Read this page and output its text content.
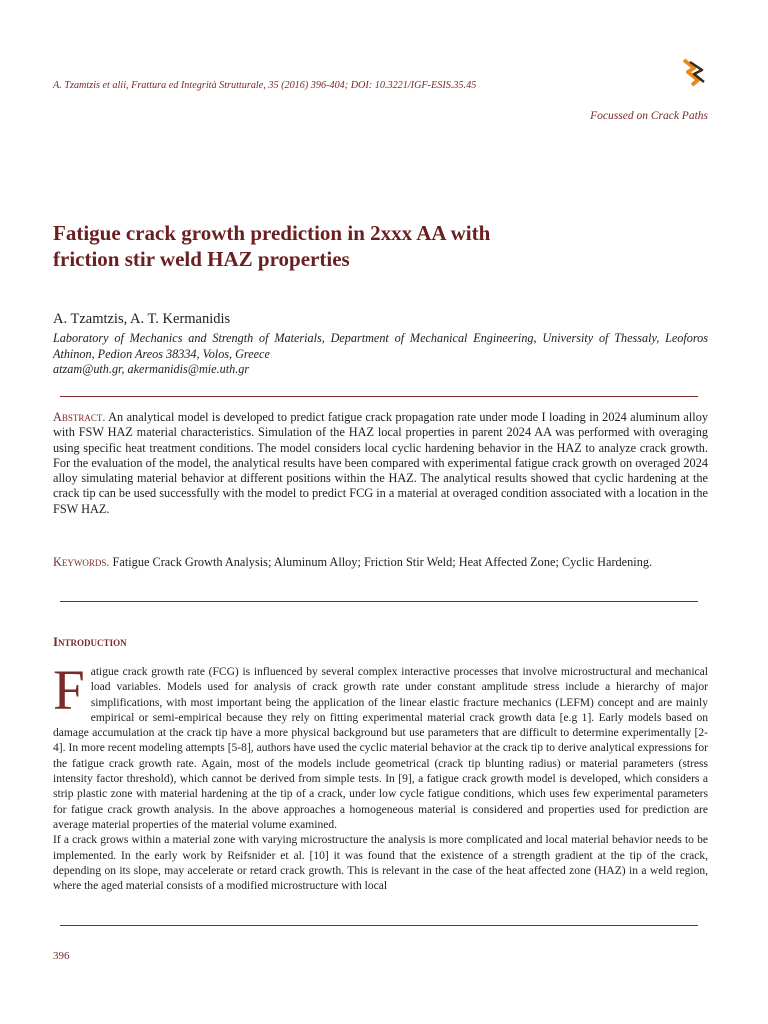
A. Tzamtzis et alii, Frattura ed Integrità Strutturale, 35 (2016) 396-404; DOI: 10.3221/IGF-ESIS.35.45
Focussed on Crack Paths
Fatigue crack growth prediction in 2xxx AA with
friction stir weld HAZ properties
A. Tzamtzis, A. T. Kermanidis
Laboratory of Mechanics and Strength of Materials, Department of Mechanical Engineering, University of Thessaly, Leoforos
Athinon, Pedion Areos 38334, Volos, Greece
atzam@uth.gr, akermanidis@mie.uth.gr

Abstract. An analytical model is developed to predict fatigue crack propagation rate under mode I loading in 2024 aluminum alloy with FSW HAZ material characteristics. Simulation of the HAZ local properties in parent 2024 AA was performed with overaging using specific heat treatment conditions. The model considers local cyclic hardening behavior in the HAZ to analyze crack growth. For the evaluation of the model, the analytical results have been compared with experimental fatigue crack growth on overaged 2024 alloy simulating material behavior at different positions within the HAZ. The analytical results showed that cyclic hardening at the crack tip can be used successfully with the model to predict FCG in a material at overaged condition associated with a location in the FSW HAZ.

Keywords. Fatigue Crack Growth Analysis; Aluminum Alloy; Friction Stir Weld; Heat Affected Zone; Cyclic Hardening.

Introduction

Fatigue crack growth rate (FCG) is influenced by several complex interactive processes that involve microstructural and mechanical load variables. Models used for analysis of crack growth rate under constant amplitude stress include a hierarchy of major simplifications, with most important being the application of the linear elastic fracture mechanics (LEFM) concept and are mainly empirical or semi-empirical because they rely on fitting experimental material crack growth data [e.g 1]. Early models based on damage accumulation at the crack tip have a more physical background but use parameters that are difficult to determine experimentally [2-4]. In more recent modeling attempts [5-8], authors have used the cyclic material behavior at the crack tip to derive analytical expressions for the fatigue crack growth rate. Again, most of the models include geometrical (crack tip blunting radius) or material parameters (stress intensity factor threshold), which cannot be derived from simple tests. In [9], a fatigue crack growth model is developed, which considers a strip plastic zone with material hardening at the tip of a crack, under low cycle fatigue conditions, which uses few experimental parameters for fatigue crack growth analysis. In the above approaches a homogeneous material is considered and properties used for prediction are average material properties of the material volume examined.

If a crack grows within a material zone with varying microstructure the analysis is more complicated and local material behavior needs to be implemented. In the early work by Reifsnider et al. [10] it was found that the existence of a strength gradient at the tip of the crack, depending on its slope, may accelerate or retard crack growth. This is relevant in the case of the heat affected zone (HAZ) in a weld region, where the aged material consists of a modified microstructure with local

396
